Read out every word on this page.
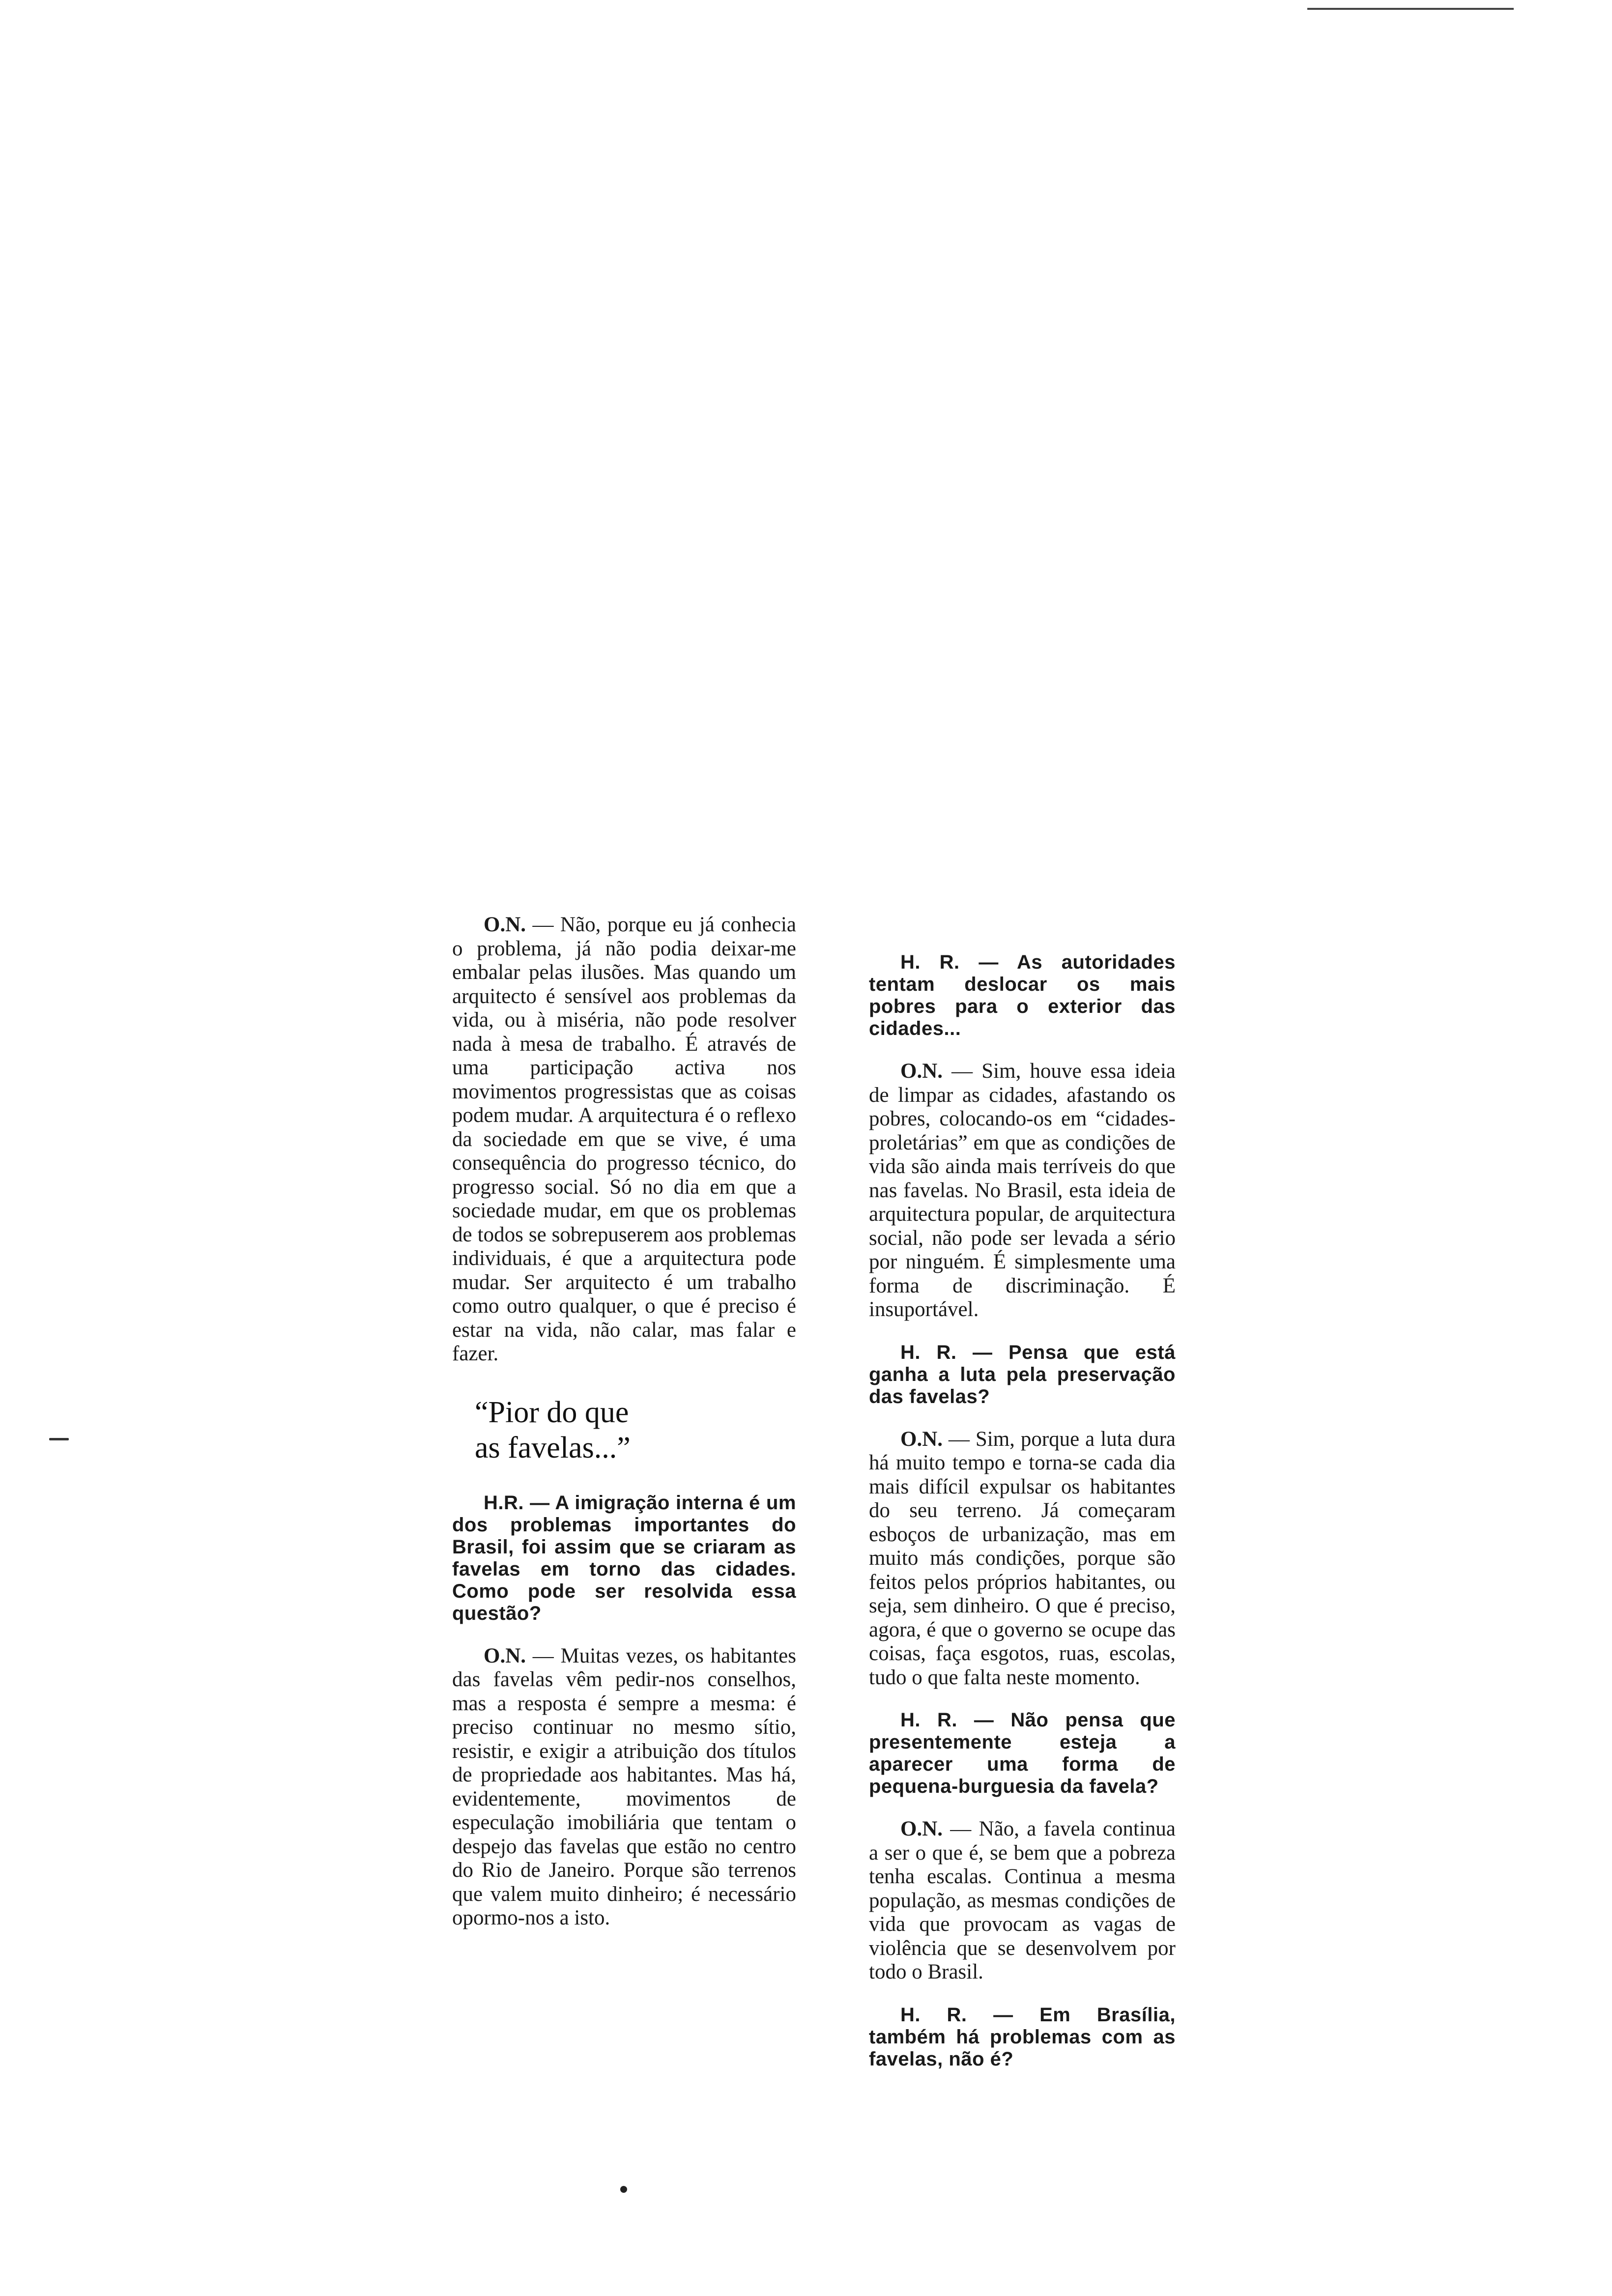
O.N. — Não, porque eu já conhecia o problema, já não podia deixar-me embalar pelas ilusões. Mas quando um arquitecto é sensível aos problemas da vida, ou à miséria, não pode resolver nada à mesa de trabalho. É através de uma participação activa nos movimentos progressistas que as coisas podem mudar. A arquitectura é o reflexo da sociedade em que se vive, é uma consequência do progresso técnico, do progresso social. Só no dia em que a sociedade mudar, em que os problemas de todos se sobrepuserem aos problemas individuais, é que a arquitectura pode mudar. Ser arquitecto é um trabalho como outro qualquer, o que é preciso é estar na vida, não calar, mas falar e fazer.

“Pior do que
as favelas...”

H.R. — A imigração interna é um dos problemas importantes do Brasil, foi assim que se criaram as favelas em torno das cidades. Como pode ser resolvida essa questão?

O.N. — Muitas vezes, os habitantes das favelas vêm pedir-nos conselhos, mas a resposta é sempre a mesma: é preciso continuar no mesmo sítio, resistir, e exigir a atribuição dos títulos de propriedade aos habitantes. Mas há, evidentemente, movimentos de especulação imobiliária que tentam o despejo das favelas que estão no centro do Rio de Janeiro. Porque são terrenos que valem muito dinheiro; é necessário opormo-nos a isto.

H. R. — As autoridades tentam deslocar os mais pobres para o exterior das cidades...

O.N. — Sim, houve essa ideia de limpar as cidades, afastando os pobres, colocando-os em “cidades-proletárias” em que as condições de vida são ainda mais terríveis do que nas favelas. No Brasil, esta ideia de arquitectura popular, de arquitectura social, não pode ser levada a sério por ninguém. É simplesmente uma forma de discriminação. É insuportável.

H. R. — Pensa que está ganha a luta pela preservação das favelas?

O.N. — Sim, porque a luta dura há muito tempo e torna-se cada dia mais difícil expulsar os habitantes do seu terreno. Já começaram esboços de urbanização, mas em muito más condições, porque são feitos pelos próprios habitantes, ou seja, sem dinheiro. O que é preciso, agora, é que o governo se ocupe das coisas, faça esgotos, ruas, escolas, tudo o que falta neste momento.

H. R. — Não pensa que presentemente esteja a aparecer uma forma de pequena-burguesia da favela?

O.N. — Não, a favela continua a ser o que é, se bem que a pobreza tenha escalas. Continua a mesma população, as mesmas condições de vida que provocam as vagas de violência que se desenvolvem por todo o Brasil.

H. R. — Em Brasília, também há problemas com as favelas, não é?
